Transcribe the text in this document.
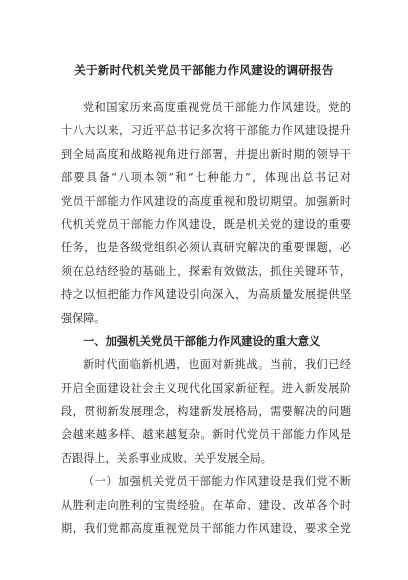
关于新时代机关党员干部能力作风建设的调研报告
党和国家历来高度重视党员干部能力作风建设。党的
十八大以来，习近平总书记多次将干部能力作风建设提升
到全局高度和战略视角进行部署，并提出新时期的领导干
部要具备“八项本领”和“七种能力”，体现出总书记对
党员干部能力作风建设的高度重视和殷切期望。加强新时
代机关党员干部能力作风建设，既是机关党的建设的重要
任务，也是各级党组织必须认真研究解决的重要课题，必
须在总结经验的基础上，探索有效做法，抓住关键环节，
持之以恒把能力作风建设引向深入，为高质量发展提供坚
强保障。
一、加强机关党员干部能力作风建设的重大意义
新时代面临新机遇，也面对新挑战。当前，我们已经
开启全面建设社会主义现代化国家新征程。进入新发展阶
段，贯彻新发展理念，构建新发展格局，需要解决的问题
会越来越多样、越来越复杂。新时代党员干部能力作风是
否跟得上，关系事业成败、关乎发展全局。
（一）加强机关党员干部能力作风建设是我们党不断
从胜利走向胜利的宝贵经验。在革命、建设、改革各个时
期，我们党都高度重视党员干部能力作风建设，要求全党
